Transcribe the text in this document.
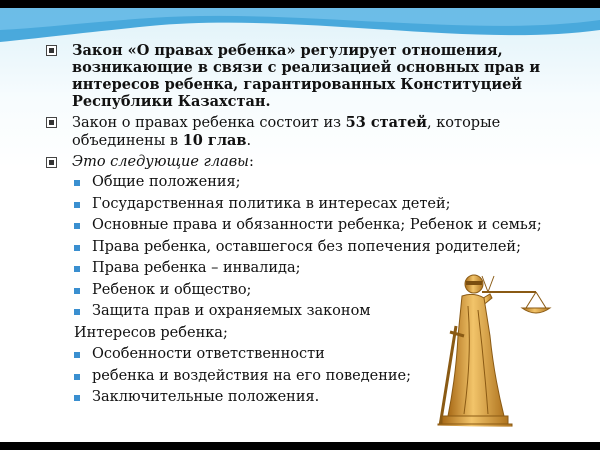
Закон «О правах ребенка» регулирует отношения, возникающие в связи с реализацией основных прав и интересов ребенка, гарантированных Конституцией Республики Казахстан.
Закон о правах ребенка состоит из 53 статей, которые объединены в 10 глав.
Это следующие главы:
Общие положения;
Государственная политика в интересах детей;
Основные права и обязанности ребенка; Ребенок и семья;
Права ребенка, оставшегося без попечения родителей;
Права ребенка – инвалида;
Ребенок и общество;
Защита прав и охраняемых законом
Интересов ребенка;
Особенности ответственности
ребенка и воздействия на его поведение;
Заключительные положения.
